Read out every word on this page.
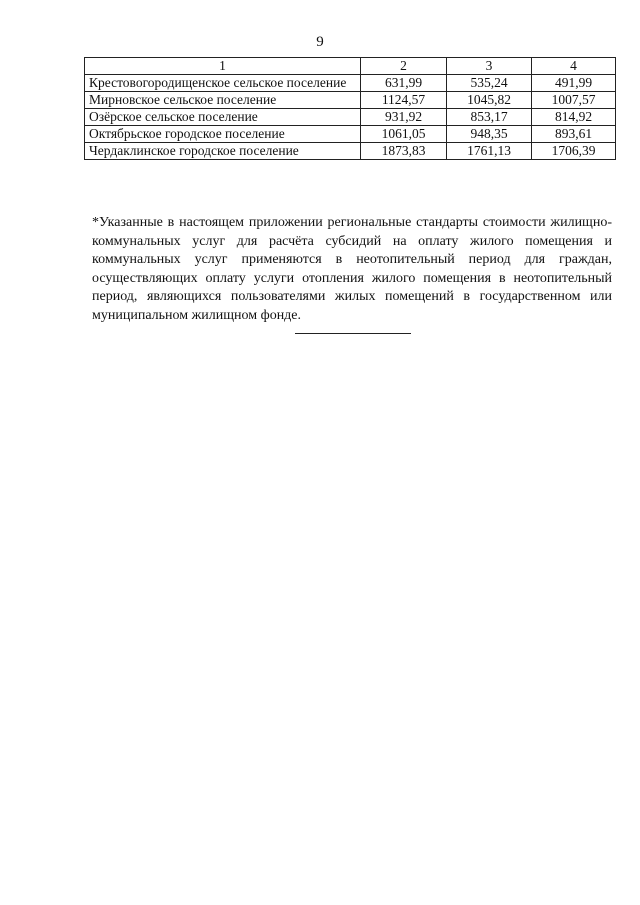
9
1	2	3	4
Крестовогородищенское сельское поселение	631,99	535,24	491,99
Мирновское сельское поселение	1124,57	1045,82	1007,57
Озёрское сельское поселение	931,92	853,17	814,92
Октябрьское городское поселение	1061,05	948,35	893,61
Чердаклинское городское поселение	1873,83	1761,13	1706,39

*Указанные в настоящем приложении региональные стандарты стоимости жилищно-коммунальных услуг для расчёта субсидий на оплату жилого помещения и коммунальных услуг применяются в неотопительный период для граждан, осуществляющих оплату услуги отопления жилого помещения в неотопительный период, являющихся пользователями жилых помещений в государственном или муниципальном жилищном фонде.
